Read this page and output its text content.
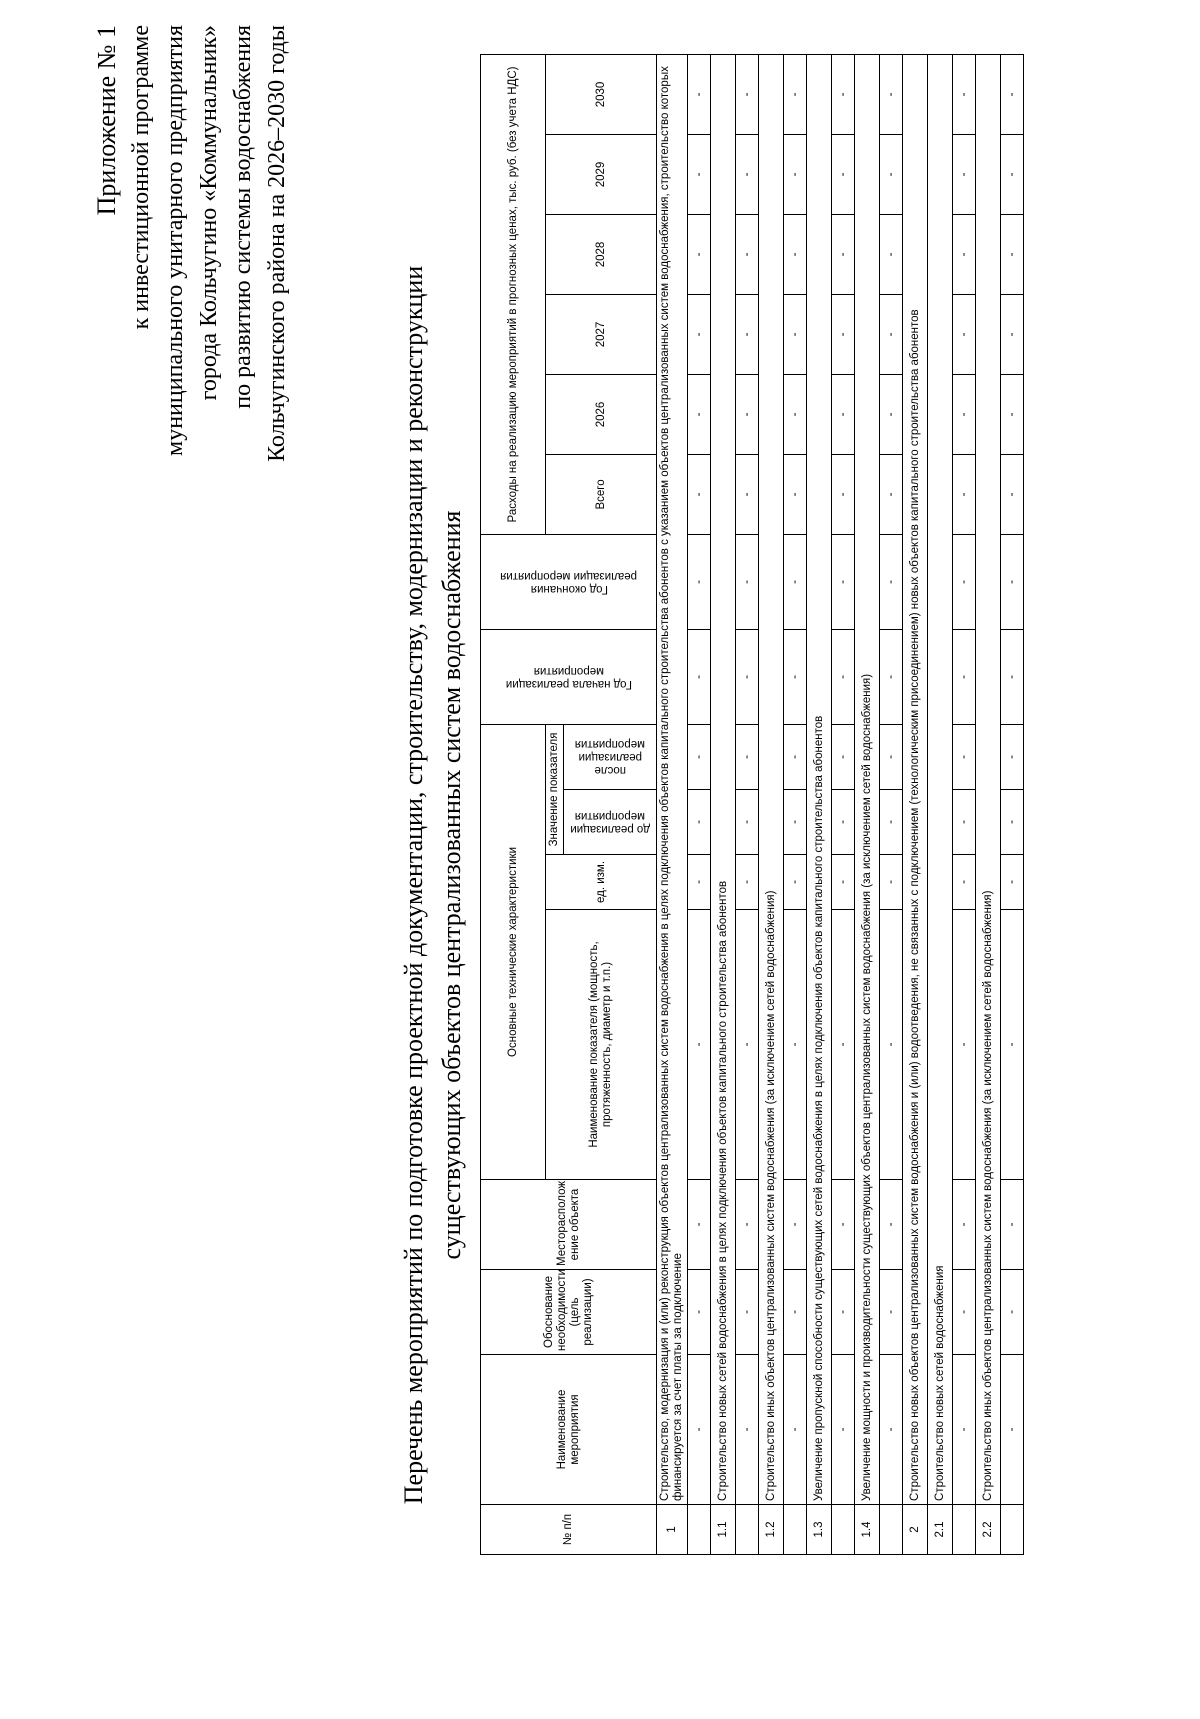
Приложение № 1 к инвестиционной программе муниципального унитарного предприятия города Кольчугино «Коммунальник» по развитию системы водоснабжения Кольчугинского района на 2026–2030 годы
Перечень мероприятий по подготовке проектной документации, строительству, модернизации и реконструкции существующих объектов централизованных систем водоснабжения
№ п/п	Наименование мероприятия	Обоснование необходимости (цель реализации)	Месторасполож ение объекта	Основные технические характеристики				Год начала реализации мероприятия	Год окончания реализации мероприятия	Расходы на реализацию мероприятий в прогнозных ценах, тыс. руб. (без учета НДС)					
				Наименование показателя (мощность, протяженность, диаметр и т.п.)	ед. изм.	Значение показателя				Всего	2026	2027	2028	2029	2030

						до реализации мероприятия	после реализации мероприятия								

1	Строительство, модернизация и (или) реконструкция объектов централизованных систем водоснабжения в целях подключения объектов капитального строительства абонентов с указанием объектов централизованных систем водоснабжения, строительство которых финансируется за счет платы за подключение														
	-	-	-	-	-	-	-	-	-	-	-	-	-	-	-
1.1	Строительство новых сетей водоснабжения в целях подключения объектов капитального строительства абонентов														
	-	-	-	-	-	-	-	-	-	-	-	-	-	-	-
1.2	Строительство иных объектов централизованных систем водоснабжения (за исключением сетей водоснабжения)														
	-	-	-	-	-	-	-	-	-	-	-	-	-	-	-
1.3	Увеличение пропускной способности существующих сетей водоснабжения в целях подключения объектов капитального строительства абонентов														
	-	-	-	-	-	-	-	-	-	-	-	-	-	-	-
1.4	Увеличение мощности и производительности существующих объектов централизованных систем водоснабжения (за исключением сетей водоснабжения)														
	-	-	-	-	-	-	-	-	-	-	-	-	-	-	-
2	Строительство новых объектов централизованных систем водоснабжения и (или) водоотведения, не связанных с подключением (технологическим присоединением) новых объектов капитального строительства абонентов														
2.1	Строительство новых сетей водоснабжения														
	-	-	-	-	-	-	-	-	-	-	-	-	-	-	-
2.2	Строительство иных объектов централизованных систем водоснабжения (за исключением сетей водоснабжения)														
	-	-	-	-	-	-	-	-	-	-	-	-	-	-	-
